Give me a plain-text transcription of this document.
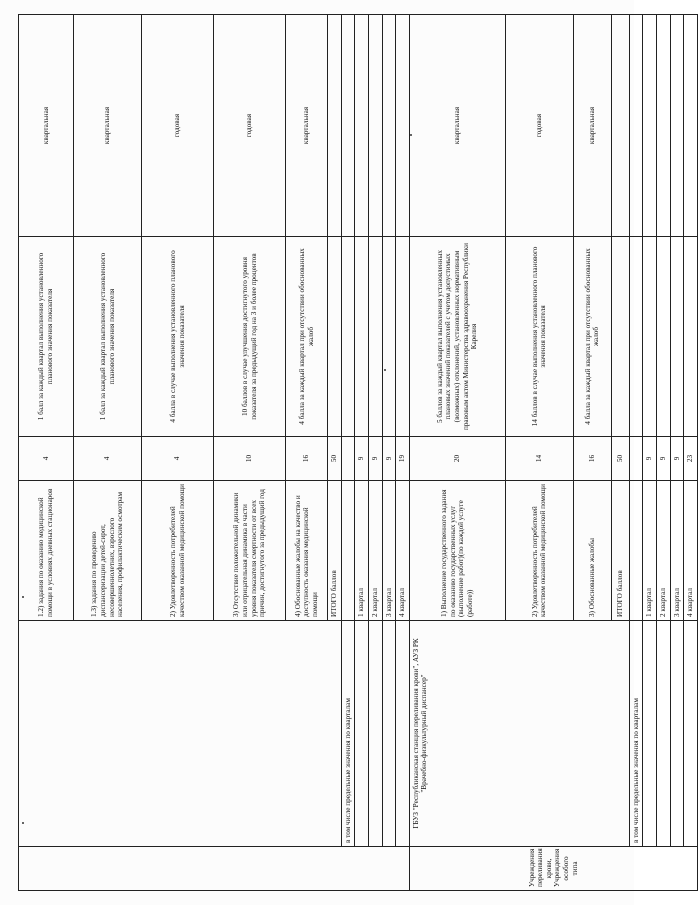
		1.2) задания по оказанию медицинской помощи в условиях дневных стационаров	4	1 балл за каждый квартал выполнения установленного планового значения показателя	квартальная
		1.3) задания по проведению диспансеризации детей-сирот, несовершеннолетних, взрослого населения, профилактическим осмотрам	4	1 балл за каждый квартал выполнения установленного планового значения показателя	квартальная
		2) Удовлетворенность потребителей качеством оказанной медицинской помощи	4	4 балла в случае выполнения установленного планового значения показателя	годовая
		3) Отсутствие положительной динамики или отрицательная динамика в части уровня показателя смертности от всех причин, достигнутого за предыдущий год	10	10 баллов в случае улучшения достигнутого уровня показателя за предыдущий год на 3 и более процентов	годовая
		4) Обоснованные жалобы на качество и доступность оказания медицинской помощи	16	4 балла за каждый квартал при отсутствии обоснованных жалоб	квартальная
		ИТОГО баллов	50		
	в том числе предельные значения по кварталам				
		1 квартал	9		
		2 квартал	9		
		3 квартал	9		
		4 квартал	19		
Учреждения переливания крови, Учреждения особого типа	ГБУЗ "Республиканская станция переливания крови", АУЗ РК "Врачебно-физкультурный диспансер"	1) Выполнение государственного задания по оказанию государственных услуг (выполнение работ)(по каждой услуге (работе))	20	5 баллов за каждый квартал выполнения установленных плановых значений показателей с учетом допустимых (возможных) отклонений, установленных нормативным правовым актом Министерства здравоохранения Республики Карелия	квартальная
		2) Удовлетворенность потребителей качеством оказанной медицинской помощи	14	14 баллов в случае выполнения установленного планового значения показателя	годовая
		3) Обоснованные жалобы	16	4 балла за каждый квартал при отсутствии обоснованных жалоб	квартальная
		ИТОГО баллов	50		
	в том числе предельные значения по кварталам				
		1 квартал	9		
		2 квартал	9		
		3 квартал	9		
		4 квартал	23		
